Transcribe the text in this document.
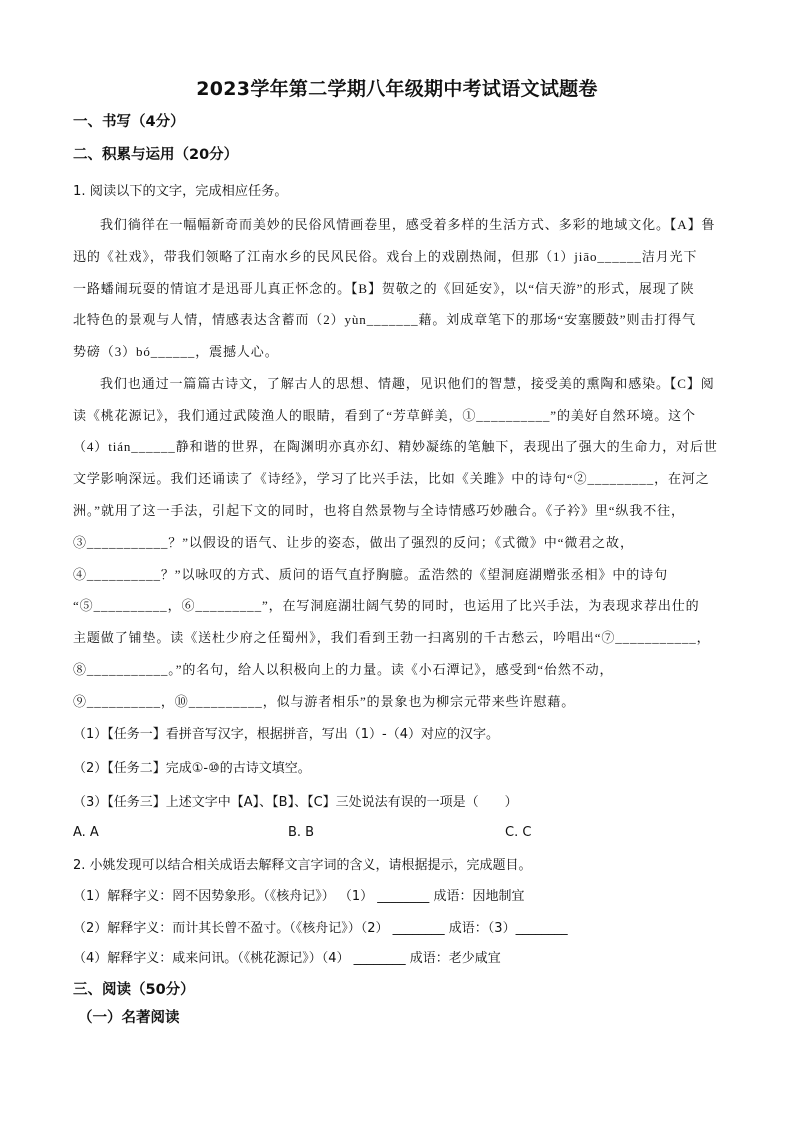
2023学年第二学期八年级期中考试语文试题卷
一、书写（4分）
二、积累与运用（20分）
1. 阅读以下的文字，完成相应任务。
我们徜徉在一幅幅新奇而美妙的民俗风情画卷里，感受着多样的生活方式、多彩的地域文化。【A】鲁
迅的《社戏》，带我们领略了江南水乡的民风民俗。戏台上的戏剧热闹，但那（1）jiāo______洁月光下
一路蟠闹玩耍的情谊才是迅哥儿真正怀念的。【B】贺敬之的《回延安》，以“信天游”的形式，展现了陕
北特色的景观与人情，情感表达含蓄而（2）yùn_______藉。刘成章笔下的那场“安塞腰鼓”则击打得气
势磅（3）bó______，震撼人心。
我们也通过一篇篇古诗文，了解古人的思想、情趣，见识他们的智慧，接受美的熏陶和感染。【C】阅
读《桃花源记》，我们通过武陵渔人的眼睛，看到了“芳草鲜美，①__________”的美好自然环境。这个
（4）tián______静和谐的世界，在陶渊明亦真亦幻、精妙凝练的笔触下，表现出了强大的生命力，对后世
文学影响深远。我们还诵读了《诗经》，学习了比兴手法，比如《关雎》中的诗句“②_________，在河之
洲。”就用了这一手法，引起下文的同时，也将自然景物与全诗情感巧妙融合。《子衿》里“纵我不往，
③___________？”以假设的语气、让步的姿态，做出了强烈的反问；《式微》中“微君之故，
④__________？”以咏叹的方式、质问的语气直抒胸臆。孟浩然的《望洞庭湖赠张丞相》中的诗句
“⑤__________，⑥_________”，在写洞庭湖壮阔气势的同时，也运用了比兴手法，为表现求荐出仕的
主题做了铺垫。读《送杜少府之任蜀州》，我们看到王勃一扫离别的千古愁云，吟唱出“⑦___________，
⑧___________。”的名句，给人以积极向上的力量。读《小石潭记》，感受到“佁然不动，
⑨__________，⑩__________，似与游者相乐”的景象也为柳宗元带来些许慰藉。
（1）【任务一】看拼音写汉字，根据拼音，写出（1）-（4）对应的汉字。
（2）【任务二】完成①-⑩的古诗文填空。
（3）【任务三】上述文字中【A】、【B】、【C】三处说法有误的一项是（　　）
A. A	B. B	C. C
2. 小姚发现可以结合相关成语去解释文言字词的含义，请根据提示，完成题目。
（1）解释字义：罔不因势象形。（《核舟记》） （1） ________ 成语：因地制宜
（2）解释字义：而计其长曾不盈寸。（《核舟记》）（2） ________ 成语：（3）________
（4）解释字义：咸来问讯。（《桃花源记》）（4） ________ 成语：老少咸宜
三、阅读（50分）
（一）名著阅读
